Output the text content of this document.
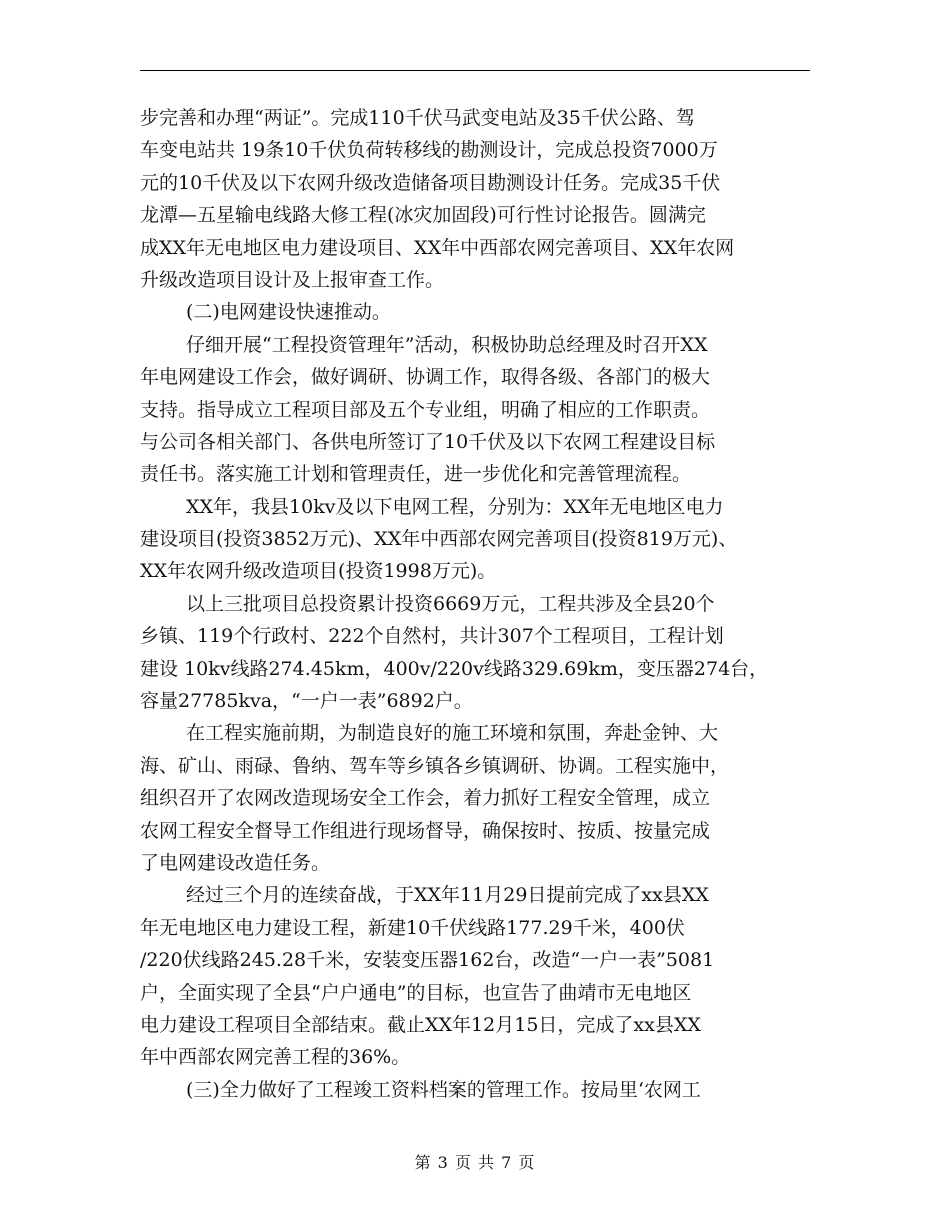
步完善和办理“两证”。完成110千伏马武变电站及35千伏公路、驾
车变电站共 19条10千伏负荷转移线的勘测设计，完成总投资7000万
元的10千伏及以下农网升级改造储备项目勘测设计任务。完成35千伏
龙潭—五星输电线路大修工程(冰灾加固段)可行性讨论报告。圆满完
成XX年无电地区电力建设项目、XX年中西部农网完善项目、XX年农网
升级改造项目设计及上报审查工作。
(二)电网建设快速推动。
仔细开展“工程投资管理年”活动，积极协助总经理及时召开XX
年电网建设工作会，做好调研、协调工作，取得各级、各部门的极大
支持。指导成立工程项目部及五个专业组，明确了相应的工作职责。
与公司各相关部门、各供电所签订了10千伏及以下农网工程建设目标
责任书。落实施工计划和管理责任，进一步优化和完善管理流程。
XX年，我县10kv及以下电网工程，分别为：XX年无电地区电力
建设项目(投资3852万元)、XX年中西部农网完善项目(投资819万元)、
XX年农网升级改造项目(投资1998万元)。
以上三批项目总投资累计投资6669万元，工程共涉及全县20个
乡镇、119个行政村、222个自然村，共计307个工程项目，工程计划
建设 10kv线路274.45km，400v/220v线路329.69km，变压器274台，
容量27785kva，“一户一表”6892户。
在工程实施前期，为制造良好的施工环境和氛围，奔赴金钟、大
海、矿山、雨碌、鲁纳、驾车等乡镇各乡镇调研、协调。工程实施中，
组织召开了农网改造现场安全工作会，着力抓好工程安全管理，成立
农网工程安全督导工作组进行现场督导，确保按时、按质、按量完成
了电网建设改造任务。
经过三个月的连续奋战，于XX年11月29日提前完成了xx县XX
年无电地区电力建设工程，新建10千伏线路177.29千米，400伏
/220伏线路245.28千米，安装变压器162台，改造“一户一表”5081
户，全面实现了全县“户户通电”的目标，也宣告了曲靖市无电地区
电力建设工程项目全部结束。截止XX年12月15日，完成了xx县XX
年中西部农网完善工程的36%。
(三)全力做好了工程竣工资料档案的管理工作。按局里‘农网工
第 3 页 共 7 页
